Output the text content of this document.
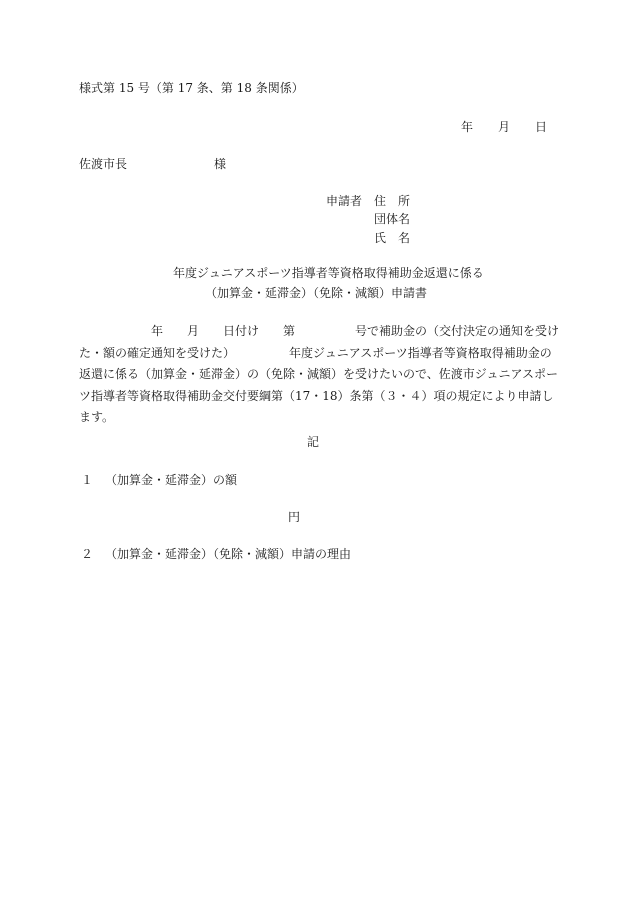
様式第 15 号（第 17 条、第 18 条関係）

年 月 日
佐渡市長	様
申請者 住　所
団体名
氏　名
年度ジュニアスポーツ指導者等資格取得補助金返還に係る
（加算金・延滞金）（免除・減額）申請書
　　　　　　年　　月　　日付け　　第　　　　　号で補助金の（交付決定の通知を受け
た・額の確定通知を受けた）　　　　　年度ジュニアスポーツ指導者等資格取得補助金の
返還に係る（加算金・延滞金）の（免除・減額）を受けたいので、佐渡市ジュニアスポー
ツ指導者等資格取得補助金交付要綱第（17・18）条第（３・４）項の規定により申請し
ます。

記

１ （加算金・延滞金）の額
円
２ （加算金・延滞金）（免除・減額）申請の理由
